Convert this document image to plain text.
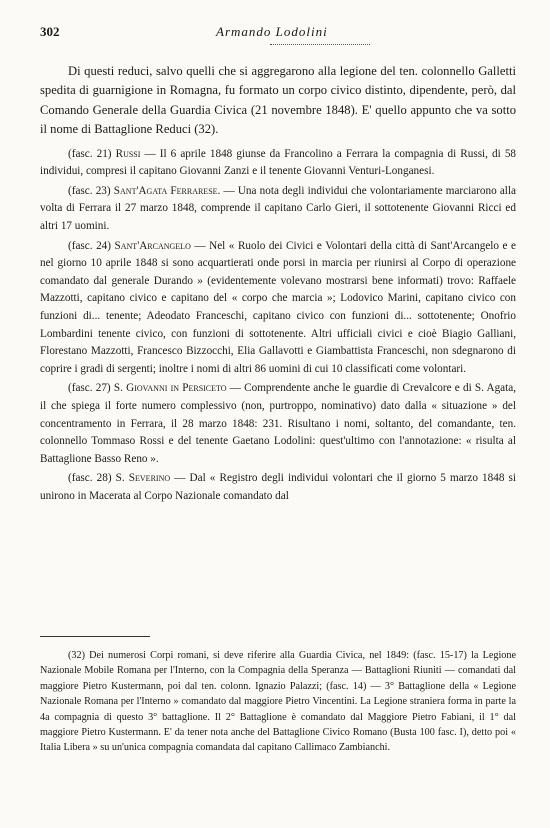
302	Armando Lodolini

Di questi reduci, salvo quelli che si aggregarono alla legione del ten. colonnello Galletti spedita di guarnigione in Romagna, fu formato un corpo civico distinto, dipendente, però, dal Comando Generale della Guardia Civica (21 novembre 1848). E' quello appunto che va sotto il nome di Battaglione Reduci (32).

(fasc. 21) Russi — Il 6 aprile 1848 giunse da Francolino a Ferrara la compagnia di Russi, di 58 individui, compresi il capitano Giovanni Zanzi e il tenente Giovanni Venturi-Longanesi.

(fasc. 23) Sant'Agata Ferrarese. — Una nota degli individui che volontariamente marciarono alla volta di Ferrara il 27 marzo 1848, comprende il capitano Carlo Gieri, il sottotenente Giovanni Ricci ed altri 17 uomini.

(fasc. 24) Sant'Arcangelo — Nel « Ruolo dei Civici e Volontari della città di Sant'Arcangelo e e nel giorno 10 aprile 1848 si sono acquartierati onde porsi in marcia per riunirsi al Corpo di operazione comandato dal generale Durando » (evidentemente volevano mostrarsi bene informati) trovo: Raffaele Mazzotti, capitano civico e capitano del « corpo che marcia »; Lodovico Marini, capitano civico con funzioni di... tenente; Adeodato Franceschi, capitano civico con funzioni di... sottotenente; Onofrio Lombardini tenente civico, con funzioni di sottotenente. Altri ufficiali civici e cioè Biagio Galliani, Florestano Mazzotti, Francesco Bizzocchi, Elia Gallavotti e Giambattista Franceschi, non sdegnarono di coprire i gradi di sergenti; inoltre i nomi di altri 86 uomini di cui 10 classificati come volontari.

(fasc. 27) S. Giovanni in Persiceto — Comprendente anche le guardie di Crevalcore e di S. Agata, il che spiega il forte numero complessivo (non, purtroppo, nominativo) dato dalla « situazione » del concentramento in Ferrara, il 28 marzo 1848: 231. Risultano i nomi, soltanto, del comandante, ten. colonnello Tommaso Rossi e del tenente Gaetano Lodolini: quest'ultimo con l'annotazione: « risulta al Battaglione Basso Reno ».

(fasc. 28) S. Severino — Dal « Registro degli individui volontari che il giorno 5 marzo 1848 si unirono in Macerata al Corpo Nazionale comandato dal

(32) Dei numerosi Corpi romani, si deve riferire alla Guardia Civica, nel 1849: (fasc. 15-17) la Legione Nazionale Mobile Romana per l'Interno, con la Compagnia della Speranza — Battaglioni Riuniti — comandati dal maggiore Pietro Kustermann, poi dal ten. colonn. Ignazio Palazzi; (fasc. 14) — 3° Battaglione della « Legione Nazionale Romana per l'Interno » comandato dal maggiore Pietro Vincentini. La Legione straniera forma in parte la 4a compagnia di questo 3° battaglione. Il 2° Battaglione è comandato dal Maggiore Pietro Fabiani, il 1° dal maggiore Pietro Kustermann. E' da tener nota anche del Battaglione Civico Romano (Busta 100 fasc. I), detto poi « Italia Libera » su un'unica compagnia comandata dal capitano Callimaco Zambianchi.
